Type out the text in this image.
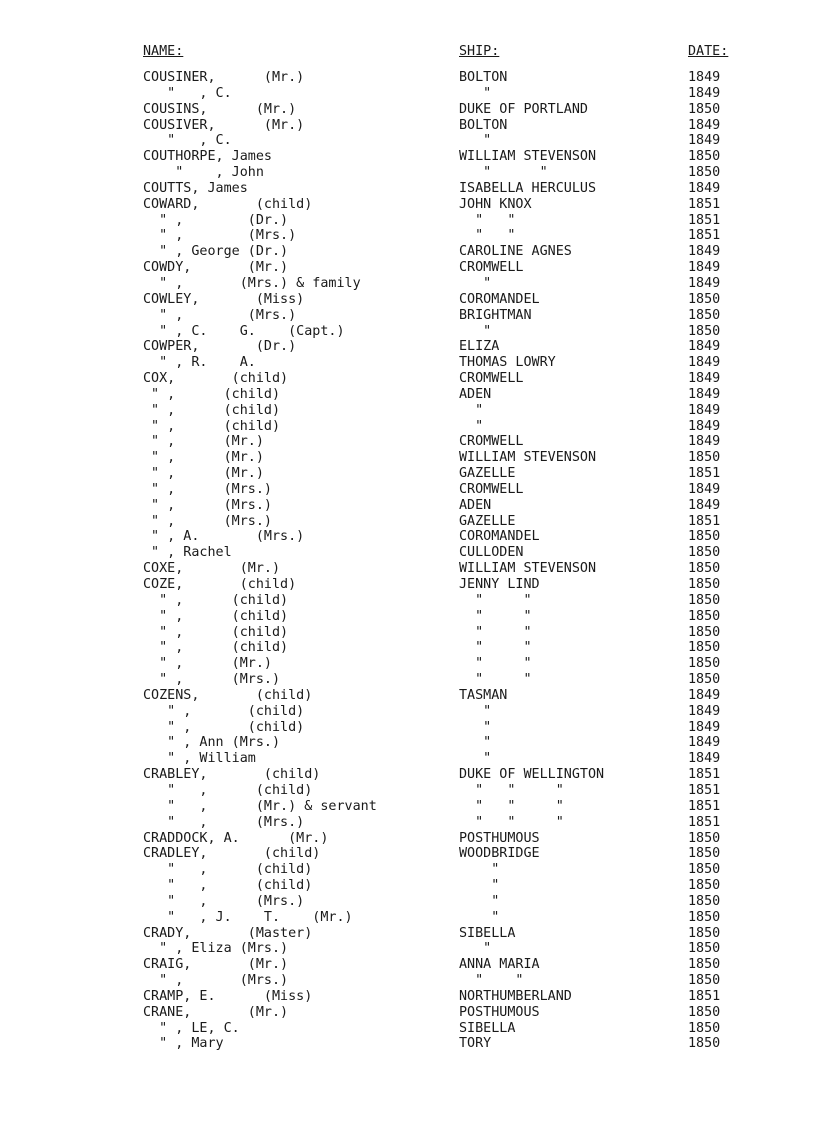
NAME:	SHIP:	DATE:
COUSINER,      (Mr.)	BOLTON	1849
"   , C.	"	1849
COUSINS,      (Mr.)	DUKE OF PORTLAND	1850
COUSIVER,      (Mr.)	BOLTON	1849
"   , C.	"	1849
COUTHORPE, James	WILLIAM STEVENSON	1850
"    , John	"      "	1850
COUTTS, James	ISABELLA HERCULUS	1849
COWARD,       (child)	JOHN KNOX	1851
" ,        (Dr.)	"   "	1851
" ,        (Mrs.)	"   "	1851
" , George (Dr.)	CAROLINE AGNES	1849
COWDY,       (Mr.)	CROMWELL	1849
" ,       (Mrs.) & family	"	1849
COWLEY,       (Miss)	COROMANDEL	1850
" ,        (Mrs.)	BRIGHTMAN	1850
" , C.    G.    (Capt.)	"	1850
COWPER,       (Dr.)	ELIZA	1849
" , R.    A.	THOMAS LOWRY	1849
COX,       (child)	CROMWELL	1849
" ,      (child)	ADEN	1849
" ,      (child)	"	1849
" ,      (child)	"	1849
" ,      (Mr.)	CROMWELL	1849
" ,      (Mr.)	WILLIAM STEVENSON	1850
" ,      (Mr.)	GAZELLE	1851
" ,      (Mrs.)	CROMWELL	1849
" ,      (Mrs.)	ADEN	1849
" ,      (Mrs.)	GAZELLE	1851
" , A.       (Mrs.)	COROMANDEL	1850
" , Rachel	CULLODEN	1850
COXE,       (Mr.)	WILLIAM STEVENSON	1850
COZE,       (child)	JENNY LIND	1850
" ,      (child)	"     "	1850
" ,      (child)	"     "	1850
" ,      (child)	"     "	1850
" ,      (child)	"     "	1850
" ,      (Mr.)	"     "	1850
" ,      (Mrs.)	"     "	1850
COZENS,       (child)	TASMAN	1849
" ,       (child)	"	1849
" ,       (child)	"	1849
" , Ann (Mrs.)	"	1849
" , William	"	1849
CRABLEY,       (child)	DUKE OF WELLINGTON	1851
"   ,      (child)	"   "     "	1851
"   ,      (Mr.) & servant	"   "     "	1851
"   ,      (Mrs.)	"   "     "	1851
CRADDOCK, A.      (Mr.)	POSTHUMOUS	1850
CRADLEY,       (child)	WOODBRIDGE	1850
"   ,      (child)	"	1850
"   ,      (child)	"	1850
"   ,      (Mrs.)	"	1850
"   , J.    T.    (Mr.)	"	1850
CRADY,       (Master)	SIBELLA	1850
" , Eliza (Mrs.)	"	1850
CRAIG,       (Mr.)	ANNA MARIA	1850
" ,       (Mrs.)	"    "	1850
CRAMP, E.      (Miss)	NORTHUMBERLAND	1851
CRANE,       (Mr.)	POSTHUMOUS	1850
" , LE, C.	SIBELLA	1850
" , Mary	TORY	1850
